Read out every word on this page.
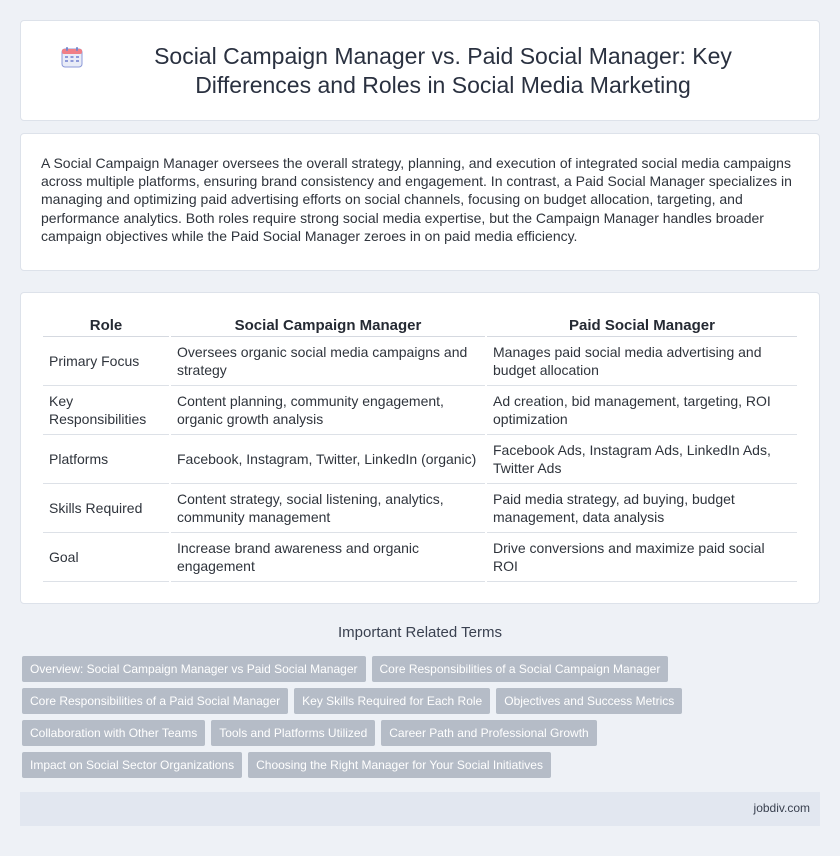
Social Campaign Manager vs. Paid Social Manager: Key Differences and Roles in Social Media Marketing

A Social Campaign Manager oversees the overall strategy, planning, and execution of integrated social media campaigns across multiple platforms, ensuring brand consistency and engagement. In contrast, a Paid Social Manager specializes in managing and optimizing paid advertising efforts on social channels, focusing on budget allocation, targeting, and performance analytics. Both roles require strong social media expertise, but the Campaign Manager handles broader campaign objectives while the Paid Social Manager zeroes in on paid media efficiency.

Role	Social Campaign Manager	Paid Social Manager
Primary Focus	Oversees organic social media campaigns and strategy	Manages paid social media advertising and budget allocation
Key Responsibilities	Content planning, community engagement, organic growth analysis	Ad creation, bid management, targeting, ROI optimization
Platforms	Facebook, Instagram, Twitter, LinkedIn (organic)	Facebook Ads, Instagram Ads, LinkedIn Ads, Twitter Ads
Skills Required	Content strategy, social listening, analytics, community management	Paid media strategy, ad buying, budget management, data analysis
Goal	Increase brand awareness and organic engagement	Drive conversions and maximize paid social ROI
Important Related Terms
Overview: Social Campaign Manager vs Paid Social Manager	Core Responsibilities of a Social Campaign Manager
Core Responsibilities of a Paid Social Manager	Key Skills Required for Each Role	Objectives and Success Metrics
Collaboration with Other Teams	Tools and Platforms Utilized	Career Path and Professional Growth
Impact on Social Sector Organizations	Choosing the Right Manager for Your Social Initiatives
jobdiv.com
